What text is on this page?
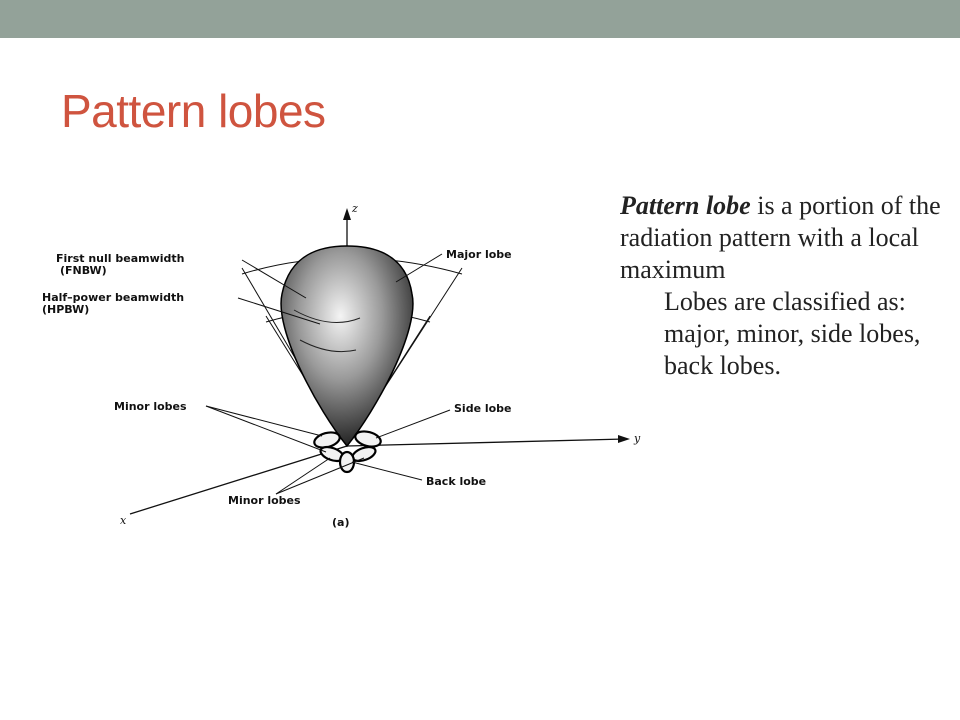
Pattern lobes
z
y
x
First null beamwidth
(FNBW)
Half–power beamwidth
(HPBW)
Major lobe
Minor lobes	Side lobe
Back lobe
Minor lobes
(a)

Pattern lobe is a portion of the radiation pattern with a local maximum

Lobes are classified as: major, minor, side lobes, back lobes.
